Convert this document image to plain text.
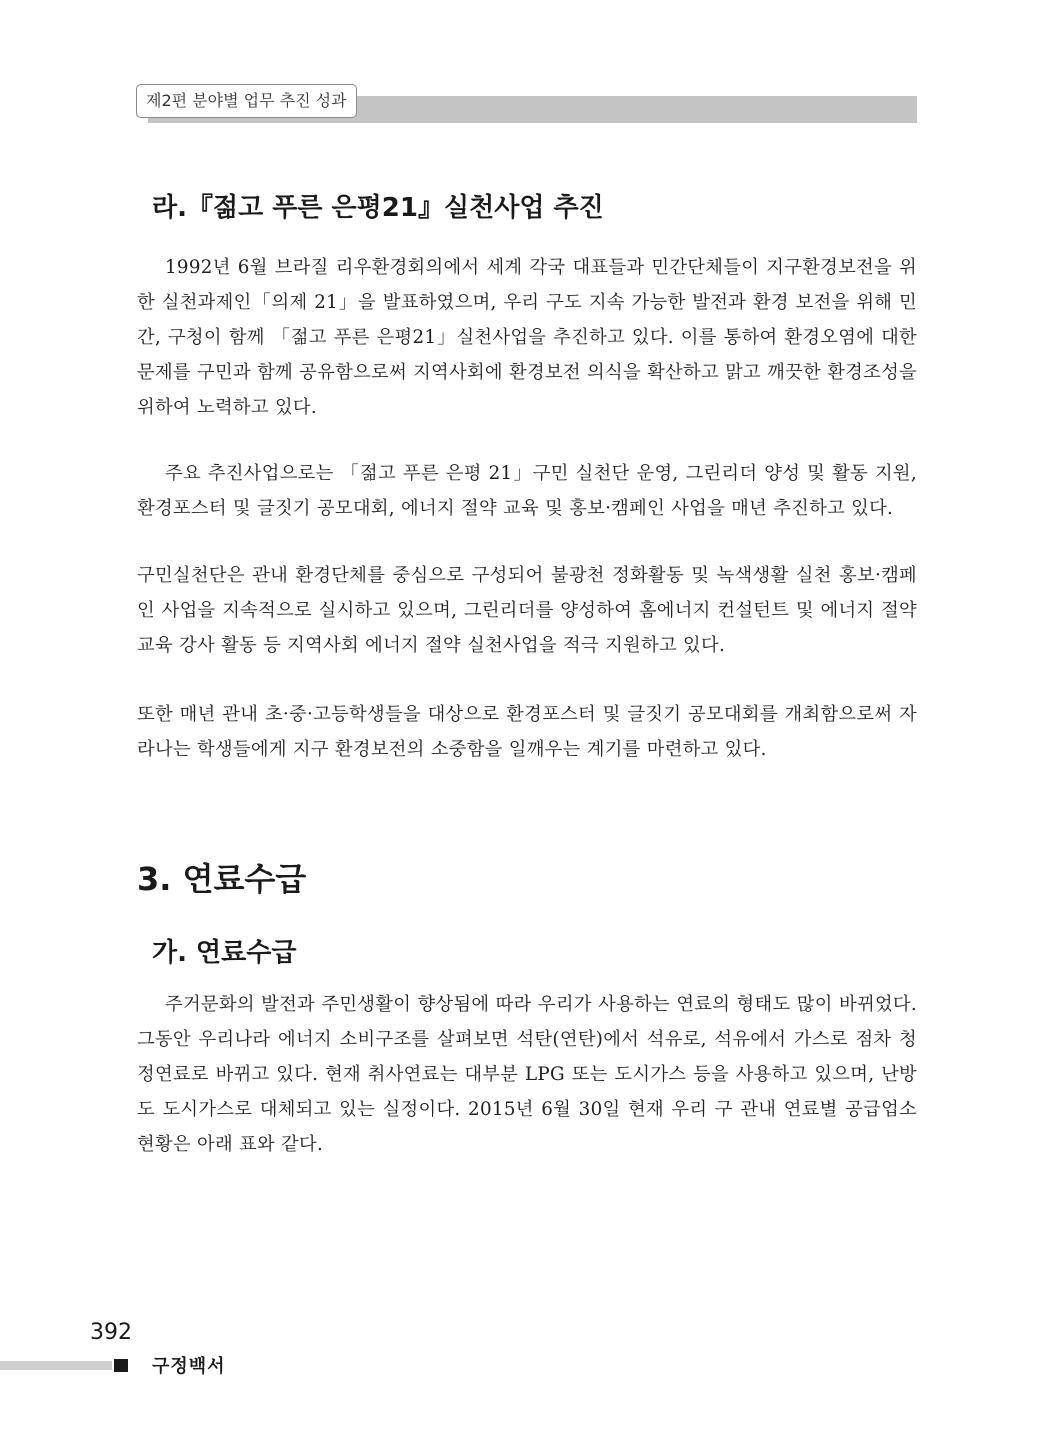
제2편 분야별 업무 추진 성과
라.『젊고 푸른 은평21』실천사업 추진

1992년 6월 브라질 리우환경회의에서 세계 각국 대표들과 민간단체들이 지구환경보전을 위한 실천과제인「의제 21」을 발표하였으며, 우리 구도 지속 가능한 발전과 환경 보전을 위해 민간, 구청이 함께 「젊고 푸른 은평21」실천사업을 추진하고 있다. 이를 통하여 환경오염에 대한 문제를 구민과 함께 공유함으로써 지역사회에 환경보전 의식을 확산하고 맑고 깨끗한 환경조성을 위하여 노력하고 있다.

주요 추진사업으로는 「젊고 푸른 은평 21」구민 실천단 운영, 그린리더 양성 및 활동 지원, 환경포스터 및 글짓기 공모대회, 에너지 절약 교육 및 홍보·캠페인 사업을 매년 추진하고 있다.

구민실천단은 관내 환경단체를 중심으로 구성되어 불광천 정화활동 및 녹색생활 실천 홍보·캠페인 사업을 지속적으로 실시하고 있으며, 그린리더를 양성하여 홈에너지 컨설턴트 및 에너지 절약 교육 강사 활동 등 지역사회 에너지 절약 실천사업을 적극 지원하고 있다.

또한 매년 관내 초·중·고등학생들을 대상으로 환경포스터 및 글짓기 공모대회를 개최함으로써 자라나는 학생들에게 지구 환경보전의 소중함을 일깨우는 계기를 마련하고 있다.

3. 연료수급
가. 연료수급

주거문화의 발전과 주민생활이 향상됨에 따라 우리가 사용하는 연료의 형태도 많이 바뀌었다. 그동안 우리나라 에너지 소비구조를 살펴보면 석탄(연탄)에서 석유로, 석유에서 가스로 점차 청정연료로 바뀌고 있다. 현재 취사연료는 대부분 LPG 또는 도시가스 등을 사용하고 있으며, 난방도 도시가스로 대체되고 있는 실정이다. 2015년 6월 30일 현재 우리 구 관내 연료별 공급업소 현황은 아래 표와 같다.

392
구정백서
